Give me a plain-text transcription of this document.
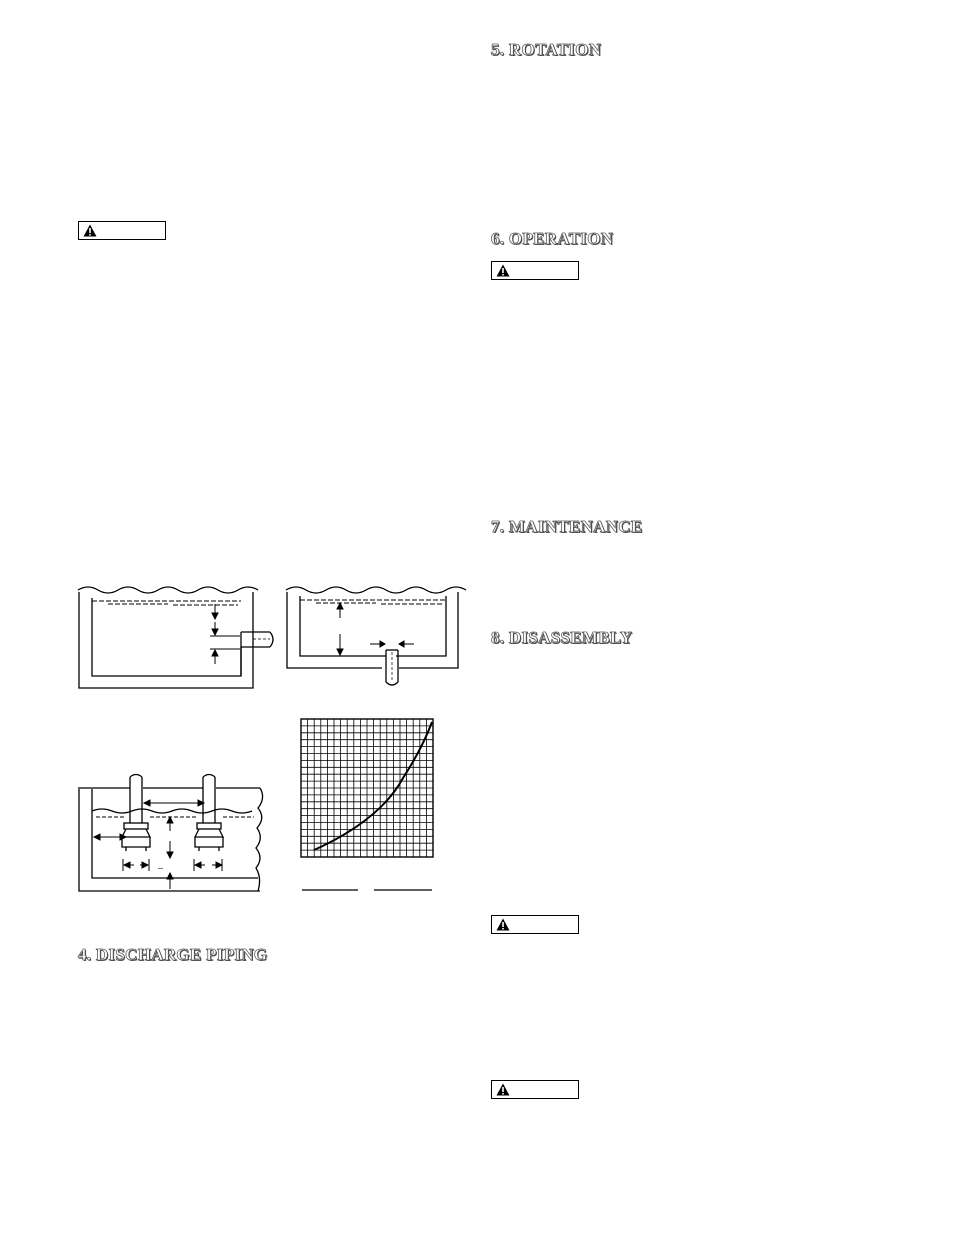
5. ROTATION
6. OPERATION
7. MAINTENANCE
8. DISASSEMBLY
4. DISCHARGE PIPING
_
